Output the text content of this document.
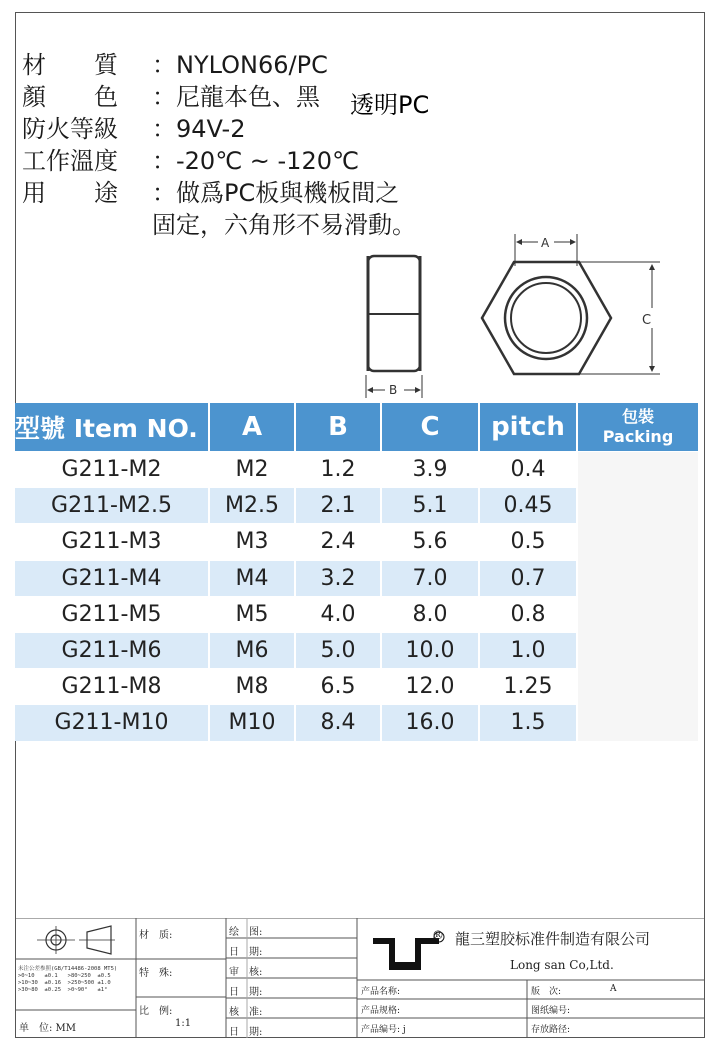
材　　質 ：NYLON66/PC
顏　　色 ：尼龍本色、黑 透明PC
防火等級 ：94V-2
工作溫度 ：-20℃ ~ -120℃
用　　途 ：做爲PC板與機板間之
固定，六角形不易滑動。
B
A
C
型號 Item NO.	A	B	C	pitch	包裝
Packing

G211-M2	M2	1.2	3.9	0.4	
G211-M2.5	M2.5	2.1	5.1	0.45	
G211-M3	M3	2.4	5.6	0.5	
G211-M4	M4	3.2	7.0	0.7	
G211-M5	M5	4.0	8.0	0.8	
G211-M6	M6	5.0	10.0	1.0	
G211-M8	M8	6.5	12.0	1.25	
G211-M10	M10	8.4	16.0	1.5	
未注公差参照(GB/T14486-2008 MT5)
>0~10   ±0.1   >80~250  ±0.5
>10~30  ±0.16  >250~500 ±1.0
>30~80  ±0.25  >0~90°   ±1°
单　位: MM
材　质:
特　殊:
比　例:
1:1
绘　图:
日　期:
审　核:
日　期:
核　准:
日　期:
® 龍三塑胶标准件制造有限公司
Long san Co,Ltd.
产品名称:
产品规格:
产品编号: j
版　次:	A
图纸编号:
存放路径:
